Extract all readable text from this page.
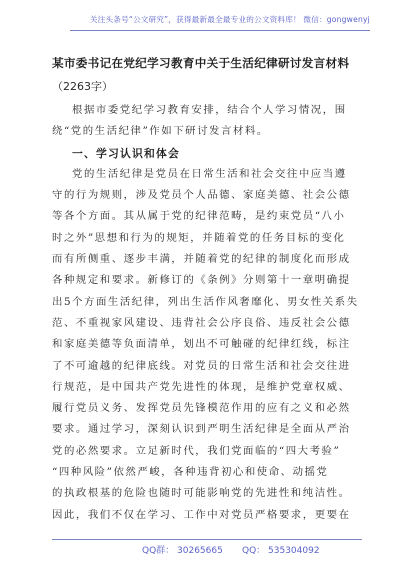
关注头条号“公文研究”，获得最新最全最专业的公文资料库！ 微信：gongwenyj
某市委书记在党纪学习教育中关于生活纪律研讨发言材料
（2263字）
根据市委党纪学习教育安排，结合个人学习情况，围
绕“党的生活纪律”作如下研讨发言材料。
一、学习认识和体会
党的生活纪律是党员在日常生活和社会交往中应当遵
守的行为规则，涉及党员个人品德、家庭美德、社会公德
等各个方面。其从属于党的纪律范畴，是约束党员“八小
时之外”思想和行为的规矩，并随着党的任务目标的变化
而有所侧重、逐步丰满，并随着党的纪律的制度化而形成
各种规定和要求。新修订的《条例》分则第十一章明确提
出5个方面生活纪律，列出生活作风奢靡化、男女性关系失
范、不重视家风建设、违背社会公序良俗、违反社会公德
和家庭美德等负面清单，划出不可触碰的纪律红线，标注
了不可逾越的纪律底线。对党员的日常生活和社会交往进
行规范，是中国共产党先进性的体现，是维护党章权威、
履行党员义务、发挥党员先锋模范作用的应有之义和必然
要求。通过学习，深刻认识到严明生活纪律是全面从严治
党的必然要求。立足新时代，我们党面临的“四大考验”
“四种风险”依然严峻，各种违背初心和使命、动摇党
的执政根基的危险也随时可能影响党的先进性和纯洁性。
因此，我们不仅在学习、工作中对党员严格要求，更要在
QQ群： 30265665 QQ： 535304092
